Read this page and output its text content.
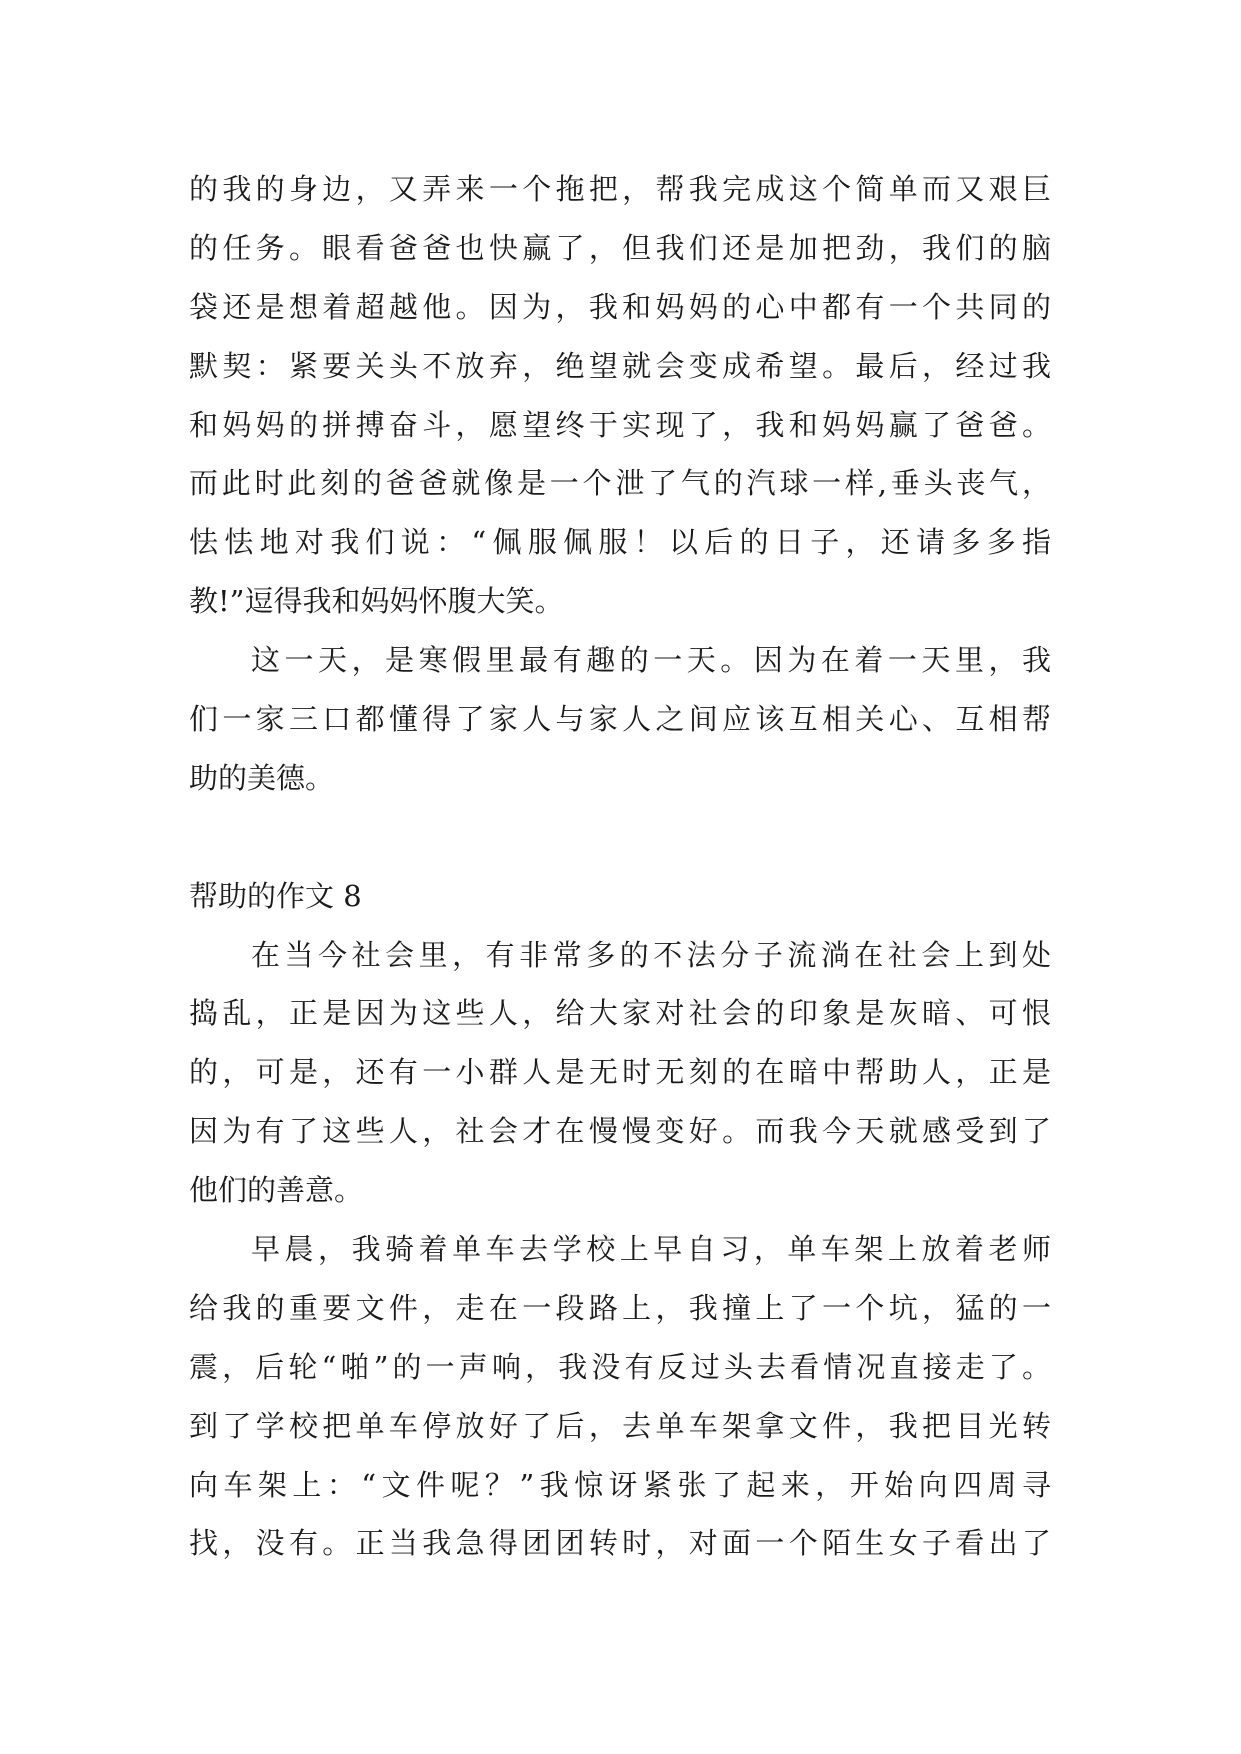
的我的身边，又弄来一个拖把，帮我完成这个简单而又艰巨
的任务。眼看爸爸也快赢了，但我们还是加把劲，我们的脑
袋还是想着超越他。因为，我和妈妈的心中都有一个共同的
默契：紧要关头不放弃，绝望就会变成希望。最后，经过我
和妈妈的拼搏奋斗，愿望终于实现了，我和妈妈赢了爸爸。
而此时此刻的爸爸就像是一个泄了气的汽球一样,垂头丧气，
怯怯地对我们说：“佩服佩服！以后的日子，还请多多指
教!”逗得我和妈妈怀腹大笑。
这一天，是寒假里最有趣的一天。因为在着一天里，我
们一家三口都懂得了家人与家人之间应该互相关心、互相帮
助的美德。
帮助的作文 8
在当今社会里，有非常多的不法分子流淌在社会上到处
捣乱，正是因为这些人，给大家对社会的印象是灰暗、可恨
的，可是，还有一小群人是无时无刻的在暗中帮助人，正是
因为有了这些人，社会才在慢慢变好。而我今天就感受到了
他们的善意。
早晨，我骑着单车去学校上早自习，单车架上放着老师
给我的重要文件，走在一段路上，我撞上了一个坑，猛的一
震，后轮“啪”的一声响，我没有反过头去看情况直接走了。
到了学校把单车停放好了后，去单车架拿文件，我把目光转
向车架上：“文件呢？”我惊讶紧张了起来，开始向四周寻
找，没有。正当我急得团团转时，对面一个陌生女子看出了
